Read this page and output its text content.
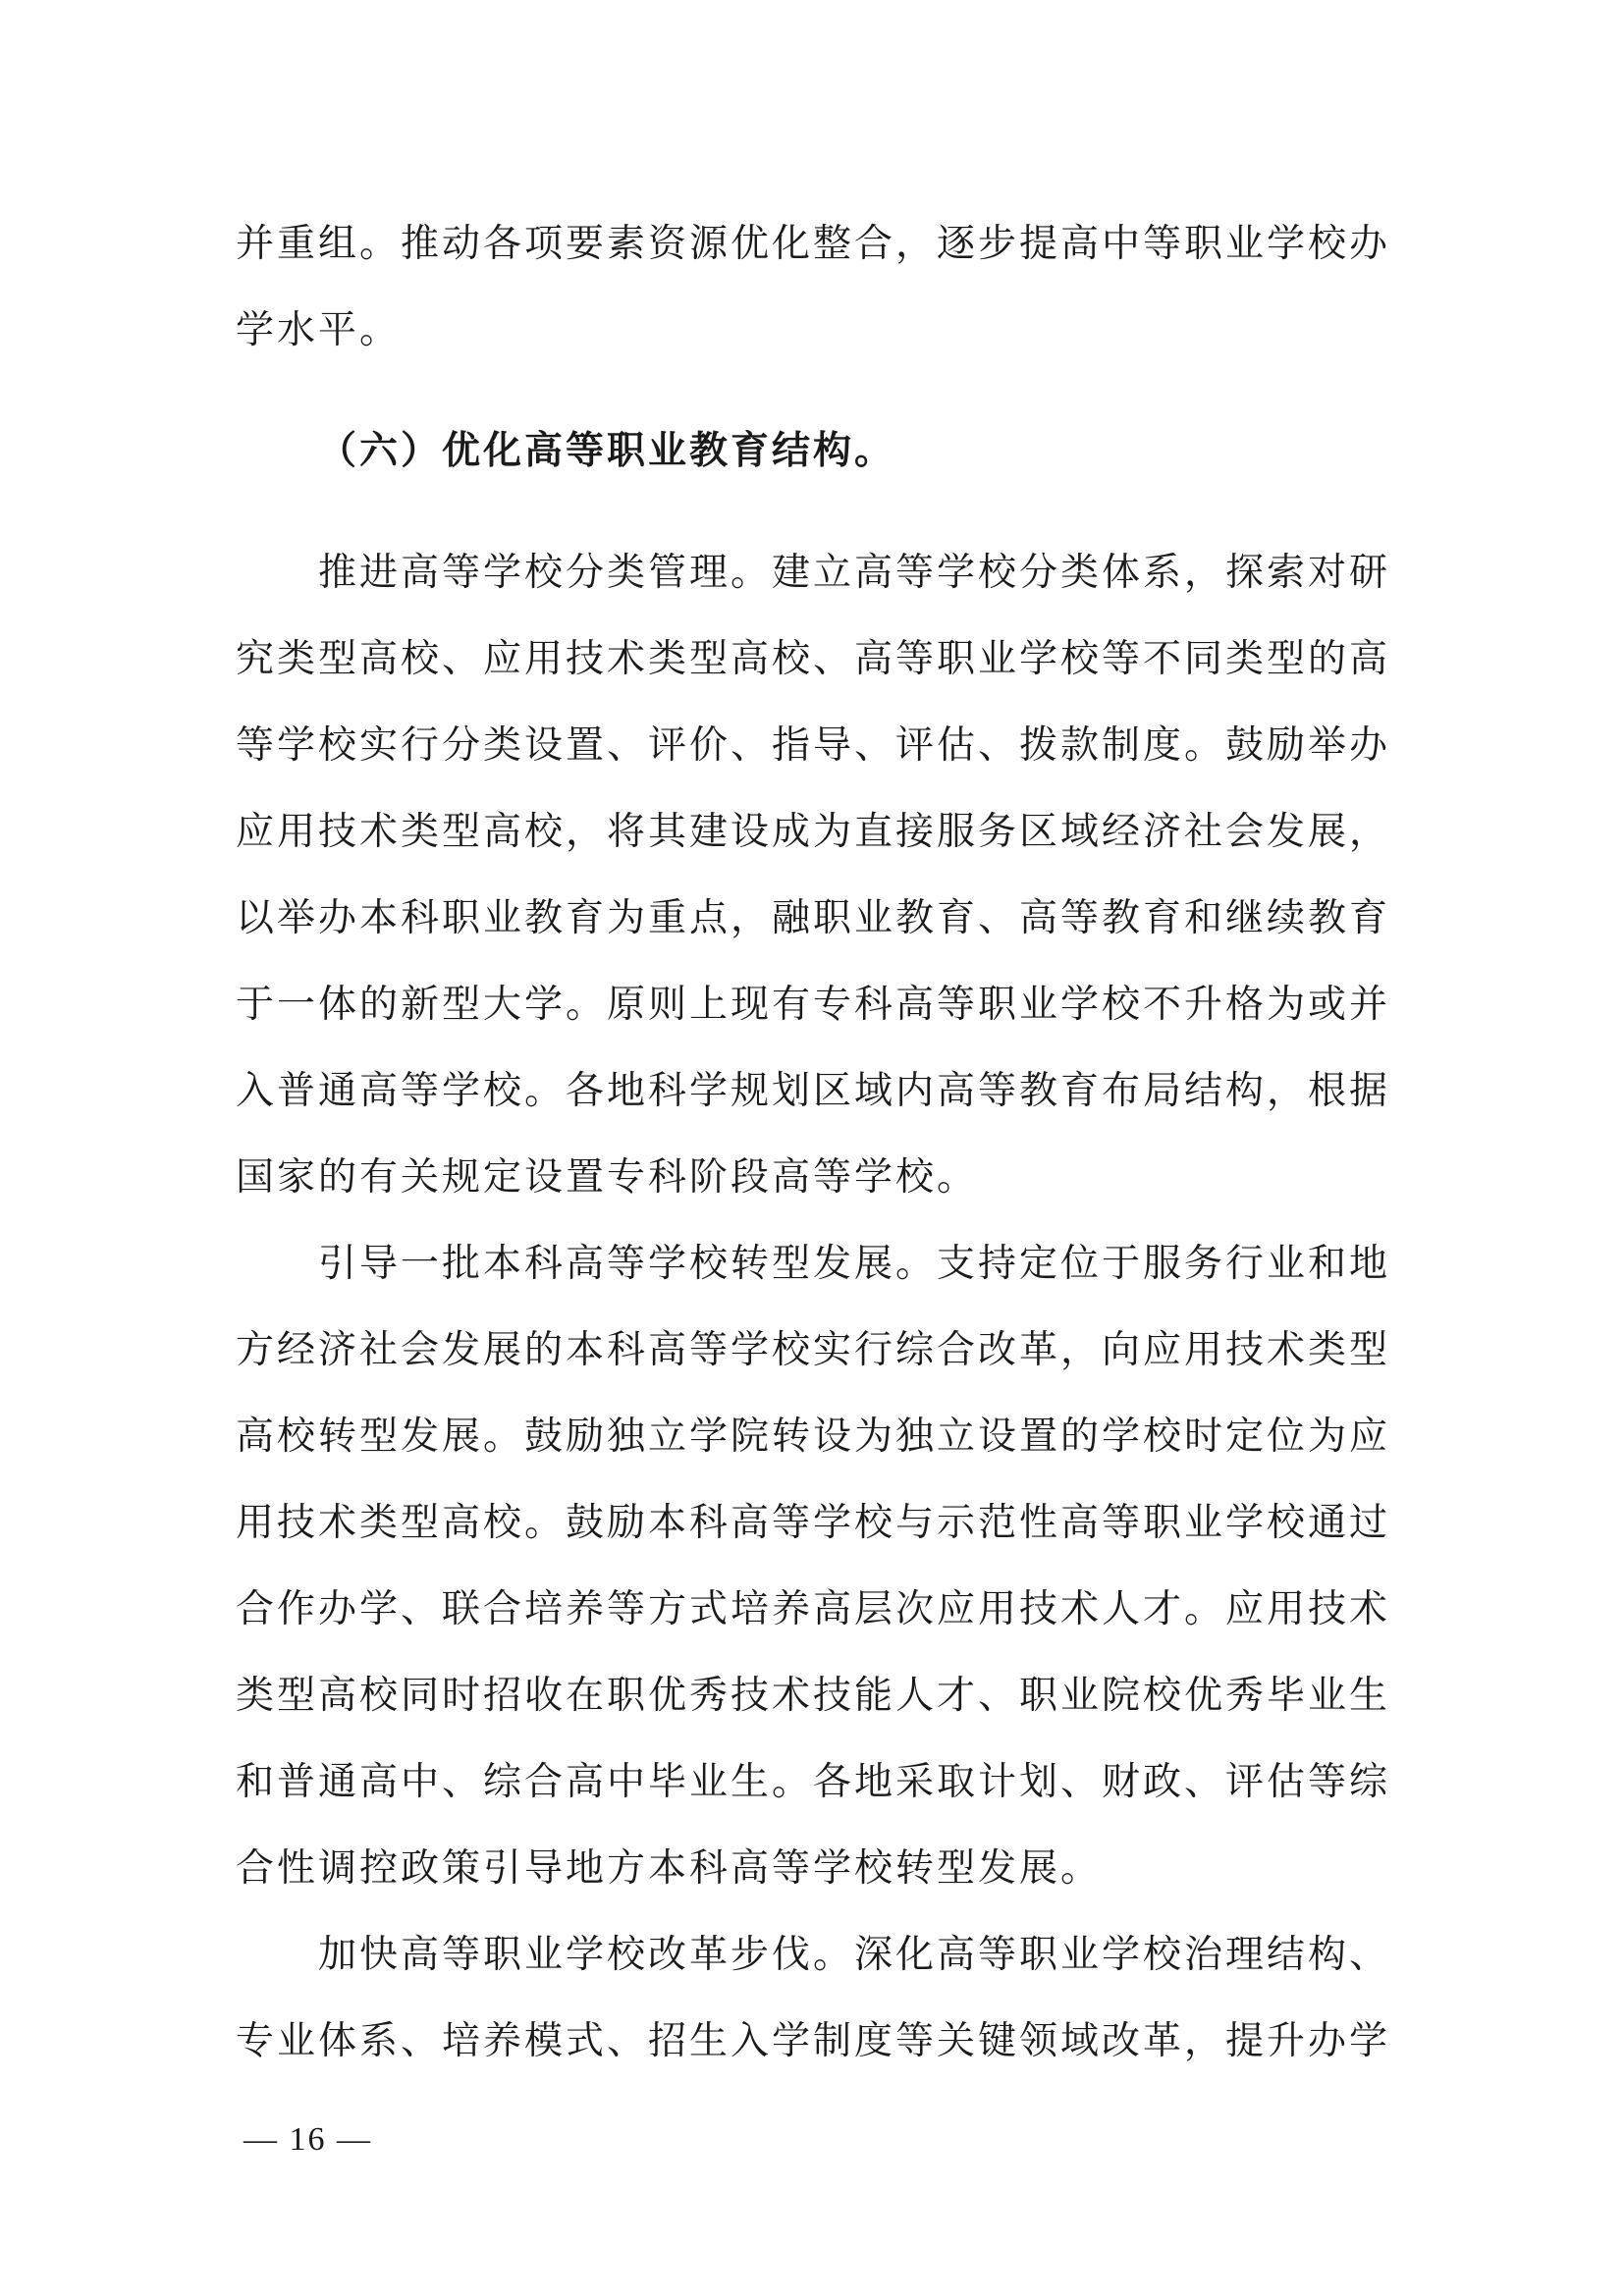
并重组。推动各项要素资源优化整合，逐步提高中等职业学校办
学水平。
（六）优化高等职业教育结构。
推进高等学校分类管理。建立高等学校分类体系，探索对研
究类型高校、应用技术类型高校、高等职业学校等不同类型的高
等学校实行分类设置、评价、指导、评估、拨款制度。鼓励举办
应用技术类型高校，将其建设成为直接服务区域经济社会发展，
以举办本科职业教育为重点，融职业教育、高等教育和继续教育
于一体的新型大学。原则上现有专科高等职业学校不升格为或并
入普通高等学校。各地科学规划区域内高等教育布局结构，根据
国家的有关规定设置专科阶段高等学校。
引导一批本科高等学校转型发展。支持定位于服务行业和地
方经济社会发展的本科高等学校实行综合改革，向应用技术类型
高校转型发展。鼓励独立学院转设为独立设置的学校时定位为应
用技术类型高校。鼓励本科高等学校与示范性高等职业学校通过
合作办学、联合培养等方式培养高层次应用技术人才。应用技术
类型高校同时招收在职优秀技术技能人才、职业院校优秀毕业生
和普通高中、综合高中毕业生。各地采取计划、财政、评估等综
合性调控政策引导地方本科高等学校转型发展。
加快高等职业学校改革步伐。深化高等职业学校治理结构、
专业体系、培养模式、招生入学制度等关键领域改革，提升办学
— 16 —
